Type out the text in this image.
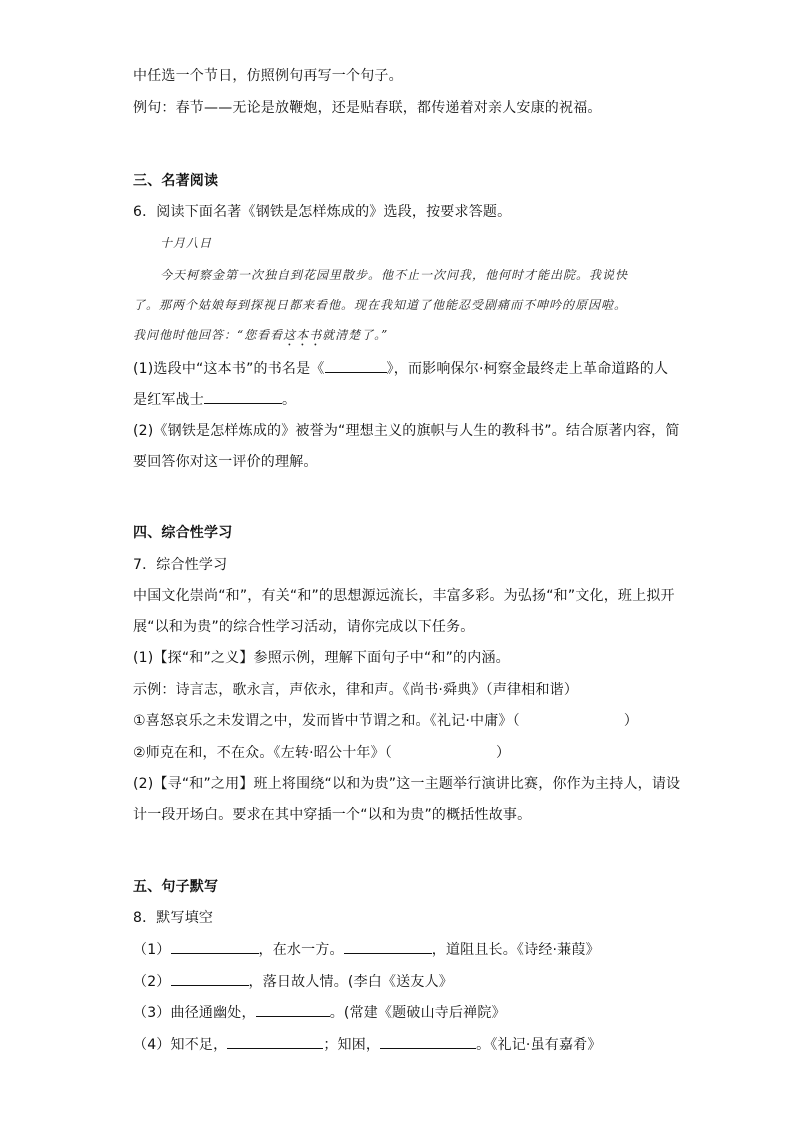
中任选一个节日，仿照例句再写一个句子。
例句：春节——无论是放鞭炮，还是贴春联，都传递着对亲人安康的祝福。
三、名著阅读
6．阅读下面名著《钢铁是怎样炼成的》选段，按要求答题。
十月八日
今天柯察金第一次独自到花园里散步。他不止一次问我，他何时才能出院。我说快
了。那两个姑娘每到探视日都来看他。现在我知道了他能忍受剧痛而不呻吟的原因啦。
我问他时他回答：“您看看这本书就清楚了。”
(1)选段中“这本书”的书名是《	》，而影响保尔·柯察金最终走上革命道路的人
是红军战士	。
(2)《钢铁是怎样炼成的》被誉为“理想主义的旗帜与人生的教科书”。结合原著内容，简
要回答你对这一评价的理解。
四、综合性学习
7．综合性学习
中国文化崇尚“和”，有关“和”的思想源远流长，丰富多彩。为弘扬“和”文化，班上拟开
展“以和为贵”的综合性学习活动，请你完成以下任务。
(1)【探“和”之义】参照示例，理解下面句子中“和”的内涵。
示例：诗言志，歌永言，声依永，律和声。《尚书·舜典》（声律相和谐）
①喜怒哀乐之未发谓之中，发而皆中节谓之和。《礼记·中庸》（	）
②师克在和，不在众。《左转·昭公十年》（	）
(2)【寻“和”之用】班上将围绕“以和为贵”这一主题举行演讲比赛，你作为主持人，请设
计一段开场白。要求在其中穿插一个“以和为贵”的概括性故事。
五、句子默写
8．默写填空
（1）	，在水一方。	，道阻且长。《诗经·蒹葭》
（2）	，落日故人情。(李白《送友人》
（3）曲径通幽处，	。(常建《题破山寺后禅院》
（4）知不足，	；知困，	。《礼记·虽有嘉肴》
